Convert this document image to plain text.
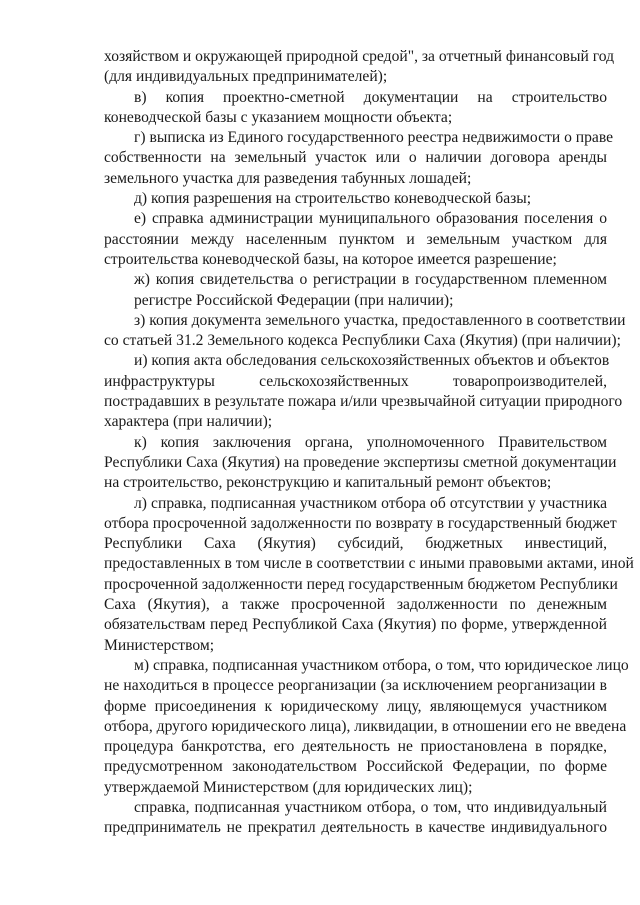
хозяйством и окружающей природной средой", за отчетный финансовый год
(для индивидуальных предпринимателей);
в) копия проектно-сметной документации на строительство
коневодческой базы с указанием мощности объекта;
г) выписка из Единого государственного реестра недвижимости о праве
собственности на земельный участок или о наличии договора аренды
земельного участка для разведения табунных лошадей;
д) копия разрешения на строительство коневодческой базы;
е) справка администрации муниципального образования поселения о
расстоянии между населенным пунктом и земельным участком для
строительства коневодческой базы, на которое имеется разрешение;
ж) копия свидетельства о регистрации в государственном племенном
регистре Российской Федерации (при наличии);
з) копия документа земельного участка, предоставленного в соответствии
со статьей 31.2 Земельного кодекса Республики Саха (Якутия) (при наличии);
и) копия акта обследования сельскохозяйственных объектов и объектов
инфраструктуры сельскохозяйственных товаропроизводителей,
пострадавших в результате пожара и/или чрезвычайной ситуации природного
характера (при наличии);
к) копия заключения органа, уполномоченного Правительством
Республики Саха (Якутия) на проведение экспертизы сметной документации
на строительство, реконструкцию и капитальный ремонт объектов;
л) справка, подписанная участником отбора об отсутствии у участника
отбора просроченной задолженности по возврату в государственный бюджет
Республики Саха (Якутия) субсидий, бюджетных инвестиций,
предоставленных в том числе в соответствии с иными правовыми актами, иной
просроченной задолженности перед государственным бюджетом Республики
Саха (Якутия), а также просроченной задолженности по денежным
обязательствам перед Республикой Саха (Якутия) по форме, утвержденной
Министерством;
м) справка, подписанная участником отбора, о том, что юридическое лицо
не находиться в процессе реорганизации (за исключением реорганизации в
форме присоединения к юридическому лицу, являющемуся участником
отбора, другого юридического лица), ликвидации, в отношении его не введена
процедура банкротства, его деятельность не приостановлена в порядке,
предусмотренном законодательством Российской Федерации, по форме
утверждаемой Министерством (для юридических лиц);
справка, подписанная участником отбора, о том, что индивидуальный
предприниматель не прекратил деятельность в качестве индивидуального
